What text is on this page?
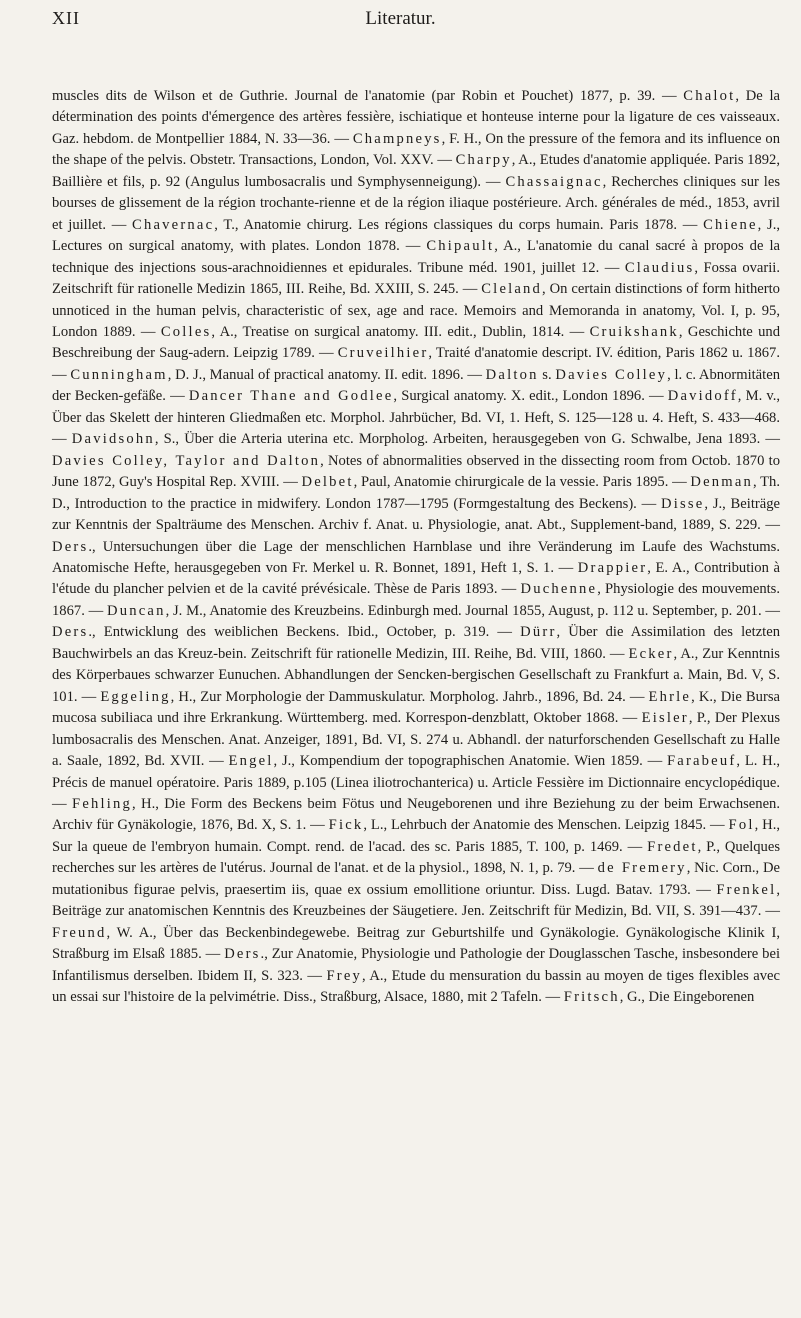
XII	Literatur.

muscles dits de Wilson et de Guthrie. Journal de l'anatomie (par Robin et Pouchet) 1877, p. 39. — Chalot, De la détermination des points d'émergence des artères fessière, ischiatique et honteuse interne pour la ligature de ces vaisseaux. Gaz. hebdom. de Montpellier 1884, N. 33—36. — Champneys, F. H., On the pressure of the femora and its influence on the shape of the pelvis. Obstetr. Transactions, London, Vol. XXV. — Charpy, A., Etudes d'anatomie appliquée. Paris 1892, Baillière et fils, p. 92 (Angulus lumbosacralis und Symphysenneigung). — Chassaignac, Recherches cliniques sur les bourses de glissement de la région trochante-rienne et de la région iliaque postérieure. Arch. générales de méd., 1853, avril et juillet. — Chavernac, T., Anatomie chirurg. Les régions classiques du corps humain. Paris 1878. — Chiene, J., Lectures on surgical anatomy, with plates. London 1878. — Chipault, A., L'anatomie du canal sacré à propos de la technique des injections sous-arachnoidiennes et epidurales. Tribune méd. 1901, juillet 12. — Claudius, Fossa ovarii. Zeitschrift für rationelle Medizin 1865, III. Reihe, Bd. XXIII, S. 245. — Cleland, On certain distinctions of form hitherto unnoticed in the human pelvis, characteristic of sex, age and race. Memoirs and Memoranda in anatomy, Vol. I, p. 95, London 1889. — Colles, A., Treatise on surgical anatomy. III. edit., Dublin, 1814. — Cruikshank, Geschichte und Beschreibung der Saug-adern. Leipzig 1789. — Cruveilhier, Traité d'anatomie descript. IV. édition, Paris 1862 u. 1867. — Cunningham, D. J., Manual of practical anatomy. II. edit. 1896. — Dalton s. Davies Colley, l. c. Abnormitäten der Becken-gefäße. — Dancer Thane and Godlee, Surgical anatomy. X. edit., London 1896. — Davidoff, M. v., Über das Skelett der hinteren Gliedmaßen etc. Morphol. Jahrbücher, Bd. VI, 1. Heft, S. 125—128 u. 4. Heft, S. 433—468. — Davidsohn, S., Über die Arteria uterina etc. Morpholog. Arbeiten, herausgegeben von G. Schwalbe, Jena 1893. — Davies Colley, Taylor and Dalton, Notes of abnormalities observed in the dissecting room from Octob. 1870 to June 1872, Guy's Hospital Rep. XVIII. — Delbet, Paul, Anatomie chirurgicale de la vessie. Paris 1895. — Denman, Th. D., Introduction to the practice in midwifery. London 1787—1795 (Formgestaltung des Beckens). — Disse, J., Beiträge zur Kenntnis der Spalträume des Menschen. Archiv f. Anat. u. Physiologie, anat. Abt., Supplement-band, 1889, S. 229. — Ders., Untersuchungen über die Lage der menschlichen Harnblase und ihre Veränderung im Laufe des Wachstums. Anatomische Hefte, herausgegeben von Fr. Merkel u. R. Bonnet, 1891, Heft 1, S. 1. — Drappier, E. A., Contribution à l'étude du plancher pelvien et de la cavité prévésicale. Thèse de Paris 1893. — Duchenne, Physiologie des mouvements. 1867. — Duncan, J. M., Anatomie des Kreuzbeins. Edinburgh med. Journal 1855, August, p. 112 u. September, p. 201. — Ders., Entwicklung des weiblichen Beckens. Ibid., October, p. 319. — Dürr, Über die Assimilation des letzten Bauchwirbels an das Kreuz-bein. Zeitschrift für rationelle Medizin, III. Reihe, Bd. VIII, 1860. — Ecker, A., Zur Kenntnis des Körperbaues schwarzer Eunuchen. Abhandlungen der Sencken-bergischen Gesellschaft zu Frankfurt a. Main, Bd. V, S. 101. — Eggeling, H., Zur Morphologie der Dammuskulatur. Morpholog. Jahrb., 1896, Bd. 24. — Ehrle, K., Die Bursa mucosa subiliaca und ihre Erkrankung. Württemberg. med. Korrespon-denzblatt, Oktober 1868. — Eisler, P., Der Plexus lumbosacralis des Menschen. Anat. Anzeiger, 1891, Bd. VI, S. 274 u. Abhandl. der naturforschenden Gesellschaft zu Halle a. Saale, 1892, Bd. XVII. — Engel, J., Kompendium der topographischen Anatomie. Wien 1859. — Farabeuf, L. H., Précis de manuel opératoire. Paris 1889, p.105 (Linea iliotrochanterica) u. Article Fessière im Dictionnaire encyclopédique. — Fehling, H., Die Form des Beckens beim Fötus und Neugeborenen und ihre Beziehung zu der beim Erwachsenen. Archiv für Gynäkologie, 1876, Bd. X, S. 1. — Fick, L., Lehrbuch der Anatomie des Menschen. Leipzig 1845. — Fol, H., Sur la queue de l'embryon humain. Compt. rend. de l'acad. des sc. Paris 1885, T. 100, p. 1469. — Fredet, P., Quelques recherches sur les artères de l'utérus. Journal de l'anat. et de la physiol., 1898, N. 1, p. 79. — de Fremery, Nic. Corn., De mutationibus figurae pelvis, praesertim iis, quae ex ossium emollitione oriuntur. Diss. Lugd. Batav. 1793. — Frenkel, Beiträge zur anatomischen Kenntnis des Kreuzbeines der Säugetiere. Jen. Zeitschrift für Medizin, Bd. VII, S. 391—437. — Freund, W. A., Über das Beckenbindegewebe. Beitrag zur Geburtshilfe und Gynäkologie. Gynäkologische Klinik I, Straßburg im Elsaß 1885. — Ders., Zur Anatomie, Physiologie und Pathologie der Douglasschen Tasche, insbesondere bei Infantilismus derselben. Ibidem II, S. 323. — Frey, A., Etude du mensuration du bassin au moyen de tiges flexibles avec un essai sur l'histoire de la pelvimétrie. Diss., Straßburg, Alsace, 1880, mit 2 Tafeln. — Fritsch, G., Die Eingeborenen
